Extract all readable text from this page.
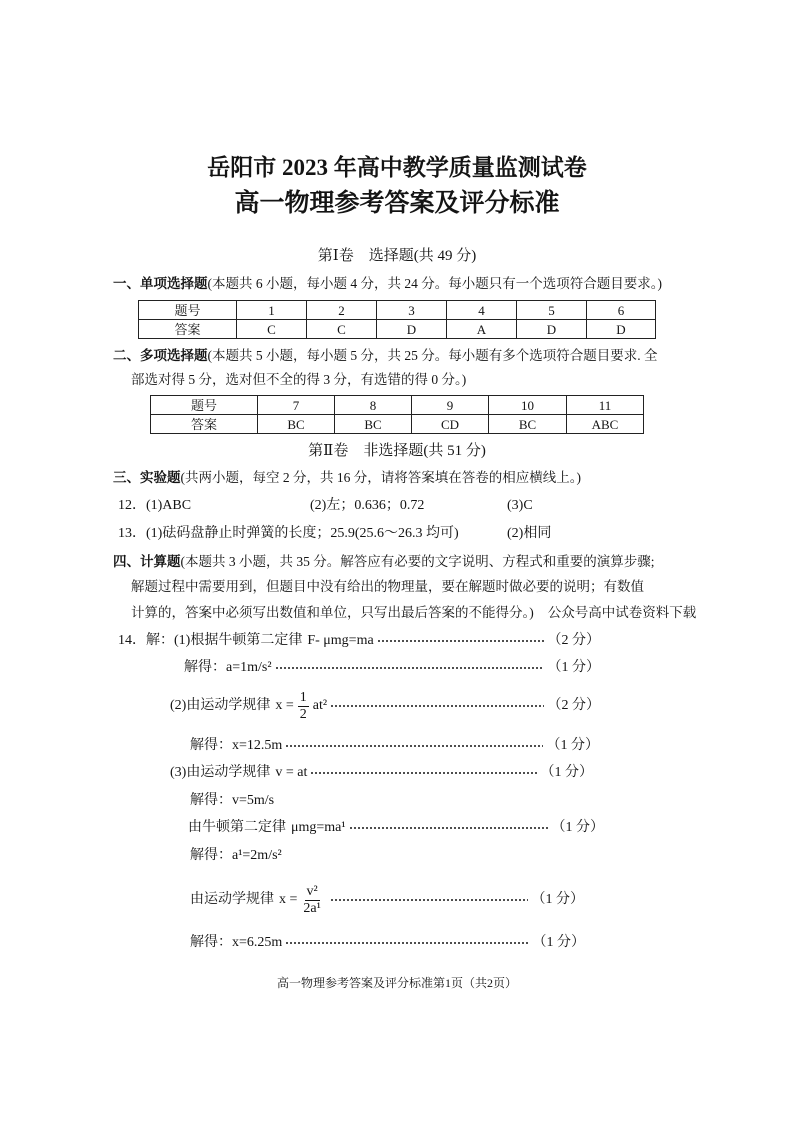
岳阳市 2023 年高中教学质量监测试卷
高一物理参考答案及评分标准
第Ⅰ卷　选择题(共 49 分)
一、单项选择题(本题共 6 小题，每小题 4 分，共 24 分。每小题只有一个选项符合题目要求。)
题号	1	2	3	4	5	6
答案	C	C	D	A	D	D
二、多项选择题(本题共 5 小题，每小题 5 分，共 25 分。每小题有多个选项符合题目要求. 全
部选对得 5 分，选对但不全的得 3 分，有选错的得 0 分。)
题号	7	8	9	10	11
答案	BC	BC	CD	BC	ABC
第Ⅱ卷　非选择题(共 51 分)
三、实验题(共两小题，每空 2 分，共 16 分，请将答案填在答卷的相应横线上。)
12．(1)ABC	(2)左；0.636；0.72	(3)C
13．(1)砝码盘静止时弹簧的长度；25.9(25.6～26.3 均可)	(2)相同
四、计算题(本题共 3 小题，共 35 分。解答应有必要的文字说明、方程式和重要的演算步骤;
解题过程中需要用到，但题目中没有给出的物理量，要在解题时做必要的说明；有数值
计算的，答案中必须写出数值和单位，只写出最后答案的不能得分。) 公众号高中试卷资料下载
14． 解：(1)根据牛顿第二定律 F- μmg=ma	（2 分）
解得： a=1m/s²	（1 分）
(2)由运动学规律 $x = \frac{1}{2} at^2$	（2 分）
解得： x=12.5m	（1 分）
(3)由运动学规律 v = at	（1 分）
解得： v=5m/s
由牛顿第二定律 μmg=ma¹	（1 分）
解得： a¹=2m/s²
由运动学规律 $x = \frac{\text{v²}}{\text{2a¹}}$	（1 分）
解得： x=6.25m	（1 分）
高一物理参考答案及评分标准第1页（共2页）
